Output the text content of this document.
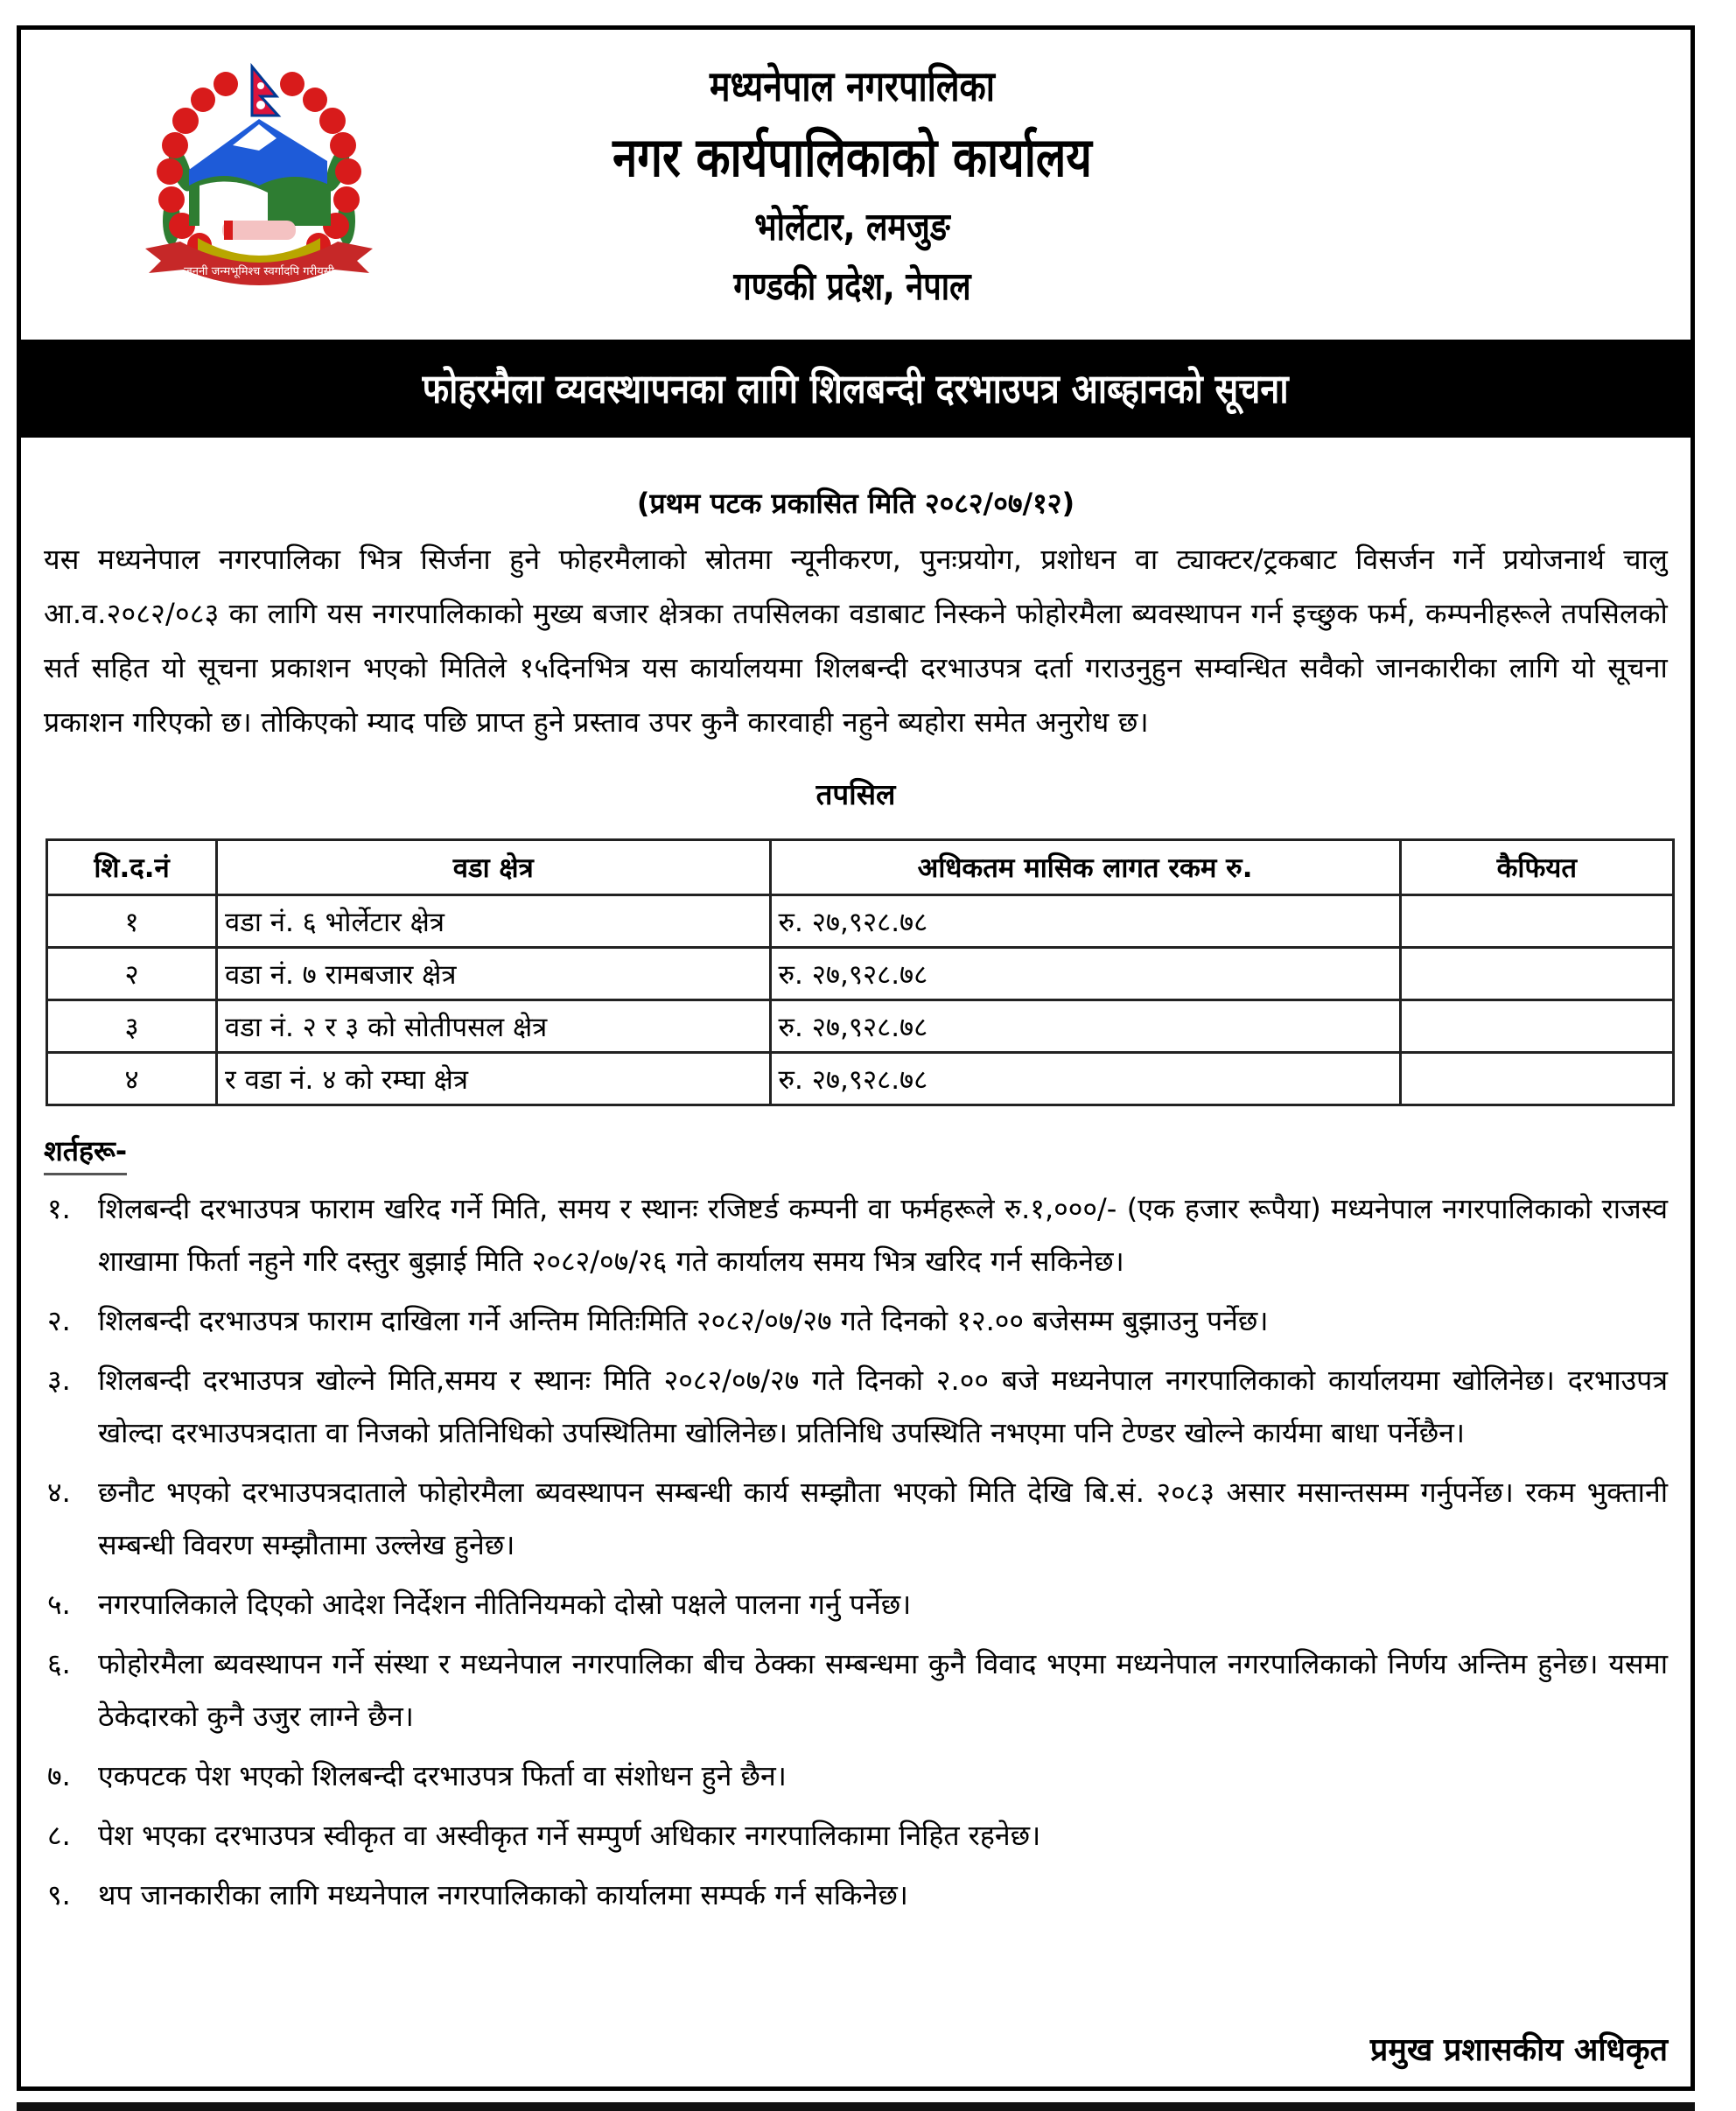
जननी जन्मभूमिश्च स्वर्गादपि गरीयसी
मध्यनेपाल नगरपालिका
नगर कार्यपालिकाको कार्यालय
भोर्लेटार, लमजुङ
गण्डकी प्रदेश, नेपाल
फोहरमैला व्यवस्थापनका लागि शिलबन्दी दरभाउपत्र आब्हानको सूचना
(प्रथम पटक प्रकासित मिति २०८२/०७/१२)
यस मध्यनेपाल नगरपालिका भित्र सिर्जना हुने फोहरमैलाको स्रोतमा न्यूनीकरण, पुनःप्रयोग, प्रशोधन वा ट्याक्टर/ट्रकबाट विसर्जन गर्ने प्रयोजनार्थ चालु आ.व.२०८२/०८३ का लागि यस नगरपालिकाको मुख्य बजार क्षेत्रका तपसिलका वडाबाट निस्कने फोहोरमैला ब्यवस्थापन गर्न इच्छुक फर्म, कम्पनीहरूले तपसिलको सर्त सहित यो सूचना प्रकाशन भएको मितिले १५दिनभित्र यस कार्यालयमा शिलबन्दी दरभाउपत्र दर्ता गराउनुहुन सम्वन्धित सवैको जानकारीका लागि यो सूचना प्रकाशन गरिएको छ। तोकिएको म्याद पछि प्राप्त हुने प्रस्ताव उपर कुनै कारवाही नहुने ब्यहोरा समेत अनुरोध छ।
तपसिल
शि.द.नं	वडा क्षेत्र	अधिकतम मासिक लागत रकम रु.	कैफियत
१	वडा नं. ६ भोर्लेटार क्षेत्र	रु. २७,९२८.७८	
२	वडा नं. ७ रामबजार क्षेत्र	रु. २७,९२८.७८	
३	वडा नं. २ र ३ को सोतीपसल क्षेत्र	रु. २७,९२८.७८	
४	र वडा नं. ४ को रम्घा क्षेत्र	रु. २७,९२८.७८	
शर्तहरू-
१. शिलबन्दी दरभाउपत्र फाराम खरिद गर्ने मिति, समय र स्थानः रजिष्टर्ड कम्पनी वा फर्महरूले रु.१,०००/- (एक हजार रूपैया) मध्यनेपाल नगरपालिकाको राजस्व शाखामा फिर्ता नहुने गरि दस्तुर बुझाई मिति २०८२/०७/२६ गते कार्यालय समय भित्र खरिद गर्न सकिनेछ।
२. शिलबन्दी दरभाउपत्र फाराम दाखिला गर्ने अन्तिम मितिःमिति २०८२/०७/२७ गते दिनको १२.०० बजेसम्म बुझाउनु पर्नेछ।
३. शिलबन्दी दरभाउपत्र खोल्ने मिति,समय र स्थानः मिति २०८२/०७/२७ गते दिनको २.०० बजे मध्यनेपाल नगरपालिकाको कार्यालयमा खोलिनेछ। दरभाउपत्र खोल्दा दरभाउपत्रदाता वा निजको प्रतिनिधिको उपस्थितिमा खोलिनेछ। प्रतिनिधि उपस्थिति नभएमा पनि टेण्डर खोल्ने कार्यमा बाधा पर्नेछैन।
४. छनौट भएको दरभाउपत्रदाताले फोहोरमैला ब्यवस्थापन सम्बन्धी कार्य सम्झौता भएको मिति देखि बि.सं. २०८३ असार मसान्तसम्म गर्नुपर्नेछ। रकम भुक्तानी सम्बन्धी विवरण सम्झौतामा उल्लेख हुनेछ।
५. नगरपालिकाले दिएको आदेश निर्देशन नीतिनियमको दोस्रो पक्षले पालना गर्नु पर्नेछ।
६. फोहोरमैला ब्यवस्थापन गर्ने संस्था र मध्यनेपाल नगरपालिका बीच ठेक्का सम्बन्धमा कुनै विवाद भएमा मध्यनेपाल नगरपालिकाको निर्णय अन्तिम हुनेछ। यसमा ठेकेदारको कुनै उजुर लाग्ने छैन।
७. एकपटक पेश भएको शिलबन्दी दरभाउपत्र फिर्ता वा संशोधन हुने छैन।
८. पेश भएका दरभाउपत्र स्वीकृत वा अस्वीकृत गर्ने सम्पुर्ण अधिकार नगरपालिकामा निहित रहनेछ।
९. थप जानकारीका लागि मध्यनेपाल नगरपालिकाको कार्यालमा सम्पर्क गर्न सकिनेछ।
प्रमुख प्रशासकीय अधिकृत
